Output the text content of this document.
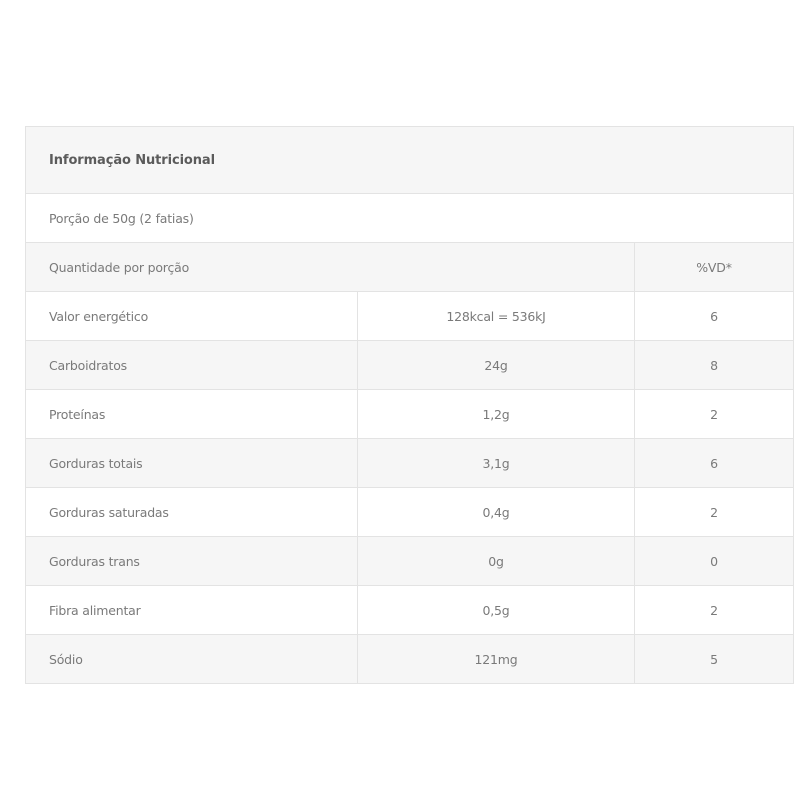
Informação Nutricional		
Porção de 50g (2 fatias)		
Quantidade por porção		%VD*
Valor energético	128kcal = 536kJ	6
Carboidratos	24g	8
Proteínas	1,2g	2
Gorduras totais	3,1g	6
Gorduras saturadas	0,4g	2
Gorduras trans	0g	0
Fibra alimentar	0,5g	2
Sódio	121mg	5
